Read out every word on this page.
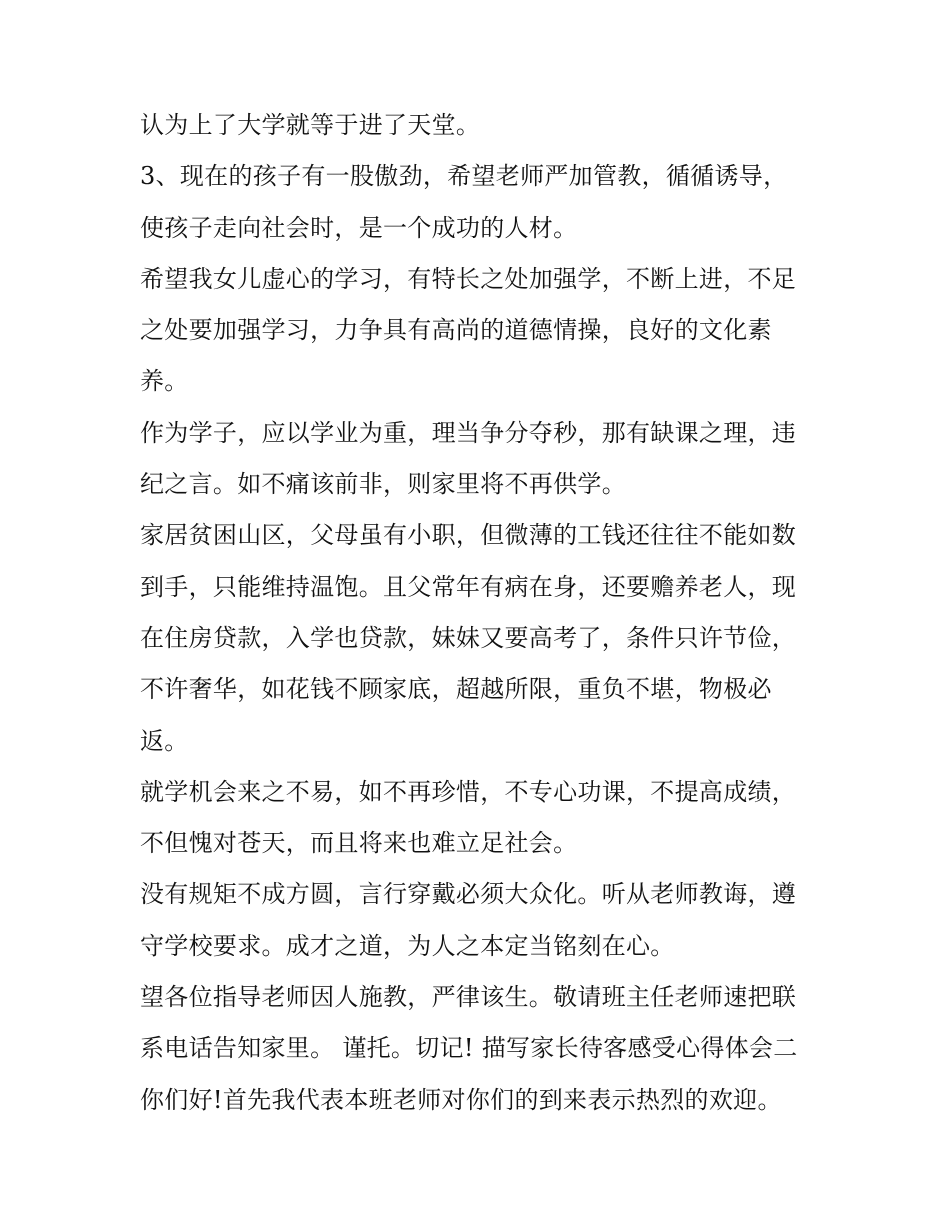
认为上了大学就等于进了天堂。
3、现在的孩子有一股傲劲，希望老师严加管教，循循诱导，
使孩子走向社会时，是一个成功的人材。
希望我女儿虚心的学习，有特长之处加强学，不断上进，不足
之处要加强学习，力争具有高尚的道德情操，良好的文化素
养。
作为学子，应以学业为重，理当争分夺秒，那有缺课之理，违
纪之言。如不痛该前非，则家里将不再供学。
家居贫困山区，父母虽有小职，但微薄的工钱还往往不能如数
到手，只能维持温饱。且父常年有病在身，还要赡养老人，现
在住房贷款，入学也贷款，妹妹又要高考了，条件只许节俭，
不许奢华，如花钱不顾家底，超越所限，重负不堪，物极必
返。
就学机会来之不易，如不再珍惜，不专心功课，不提高成绩，
不但愧对苍天，而且将来也难立足社会。
没有规矩不成方圆，言行穿戴必须大众化。听从老师教诲，遵
守学校要求。成才之道，为人之本定当铭刻在心。
望各位指导老师因人施教，严律该生。敬请班主任老师速把联
系电话告知家里。 谨托。切记! 描写家长待客感受心得体会二
你们好!首先我代表本班老师对你们的到来表示热烈的欢迎。
